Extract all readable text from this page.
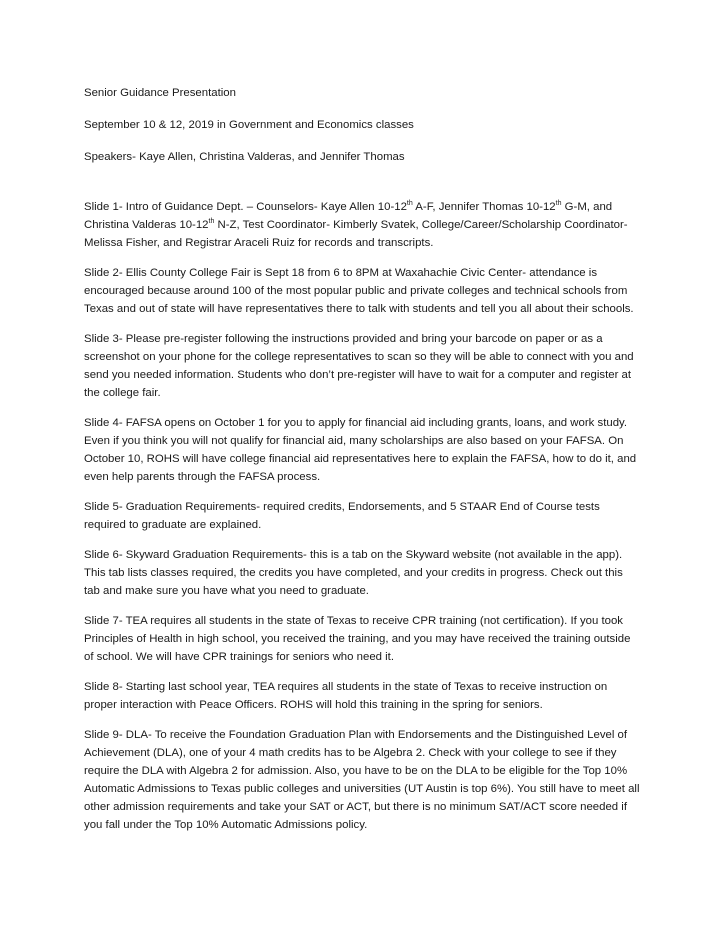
Senior Guidance Presentation
September 10 & 12, 2019 in Government and Economics classes
Speakers- Kaye Allen, Christina Valderas, and Jennifer Thomas

Slide 1- Intro of Guidance Dept. – Counselors- Kaye Allen 10-12th A-F, Jennifer Thomas 10-12th G-M, and Christina Valderas 10-12th N-Z, Test Coordinator- Kimberly Svatek, College/Career/Scholarship Coordinator- Melissa Fisher, and Registrar Araceli Ruiz for records and transcripts.

Slide 2- Ellis County College Fair is Sept 18 from 6 to 8PM at Waxahachie Civic Center- attendance is encouraged because around 100 of the most popular public and private colleges and technical schools from Texas and out of state will have representatives there to talk with students and tell you all about their schools.

Slide 3- Please pre-register following the instructions provided and bring your barcode on paper or as a screenshot on your phone for the college representatives to scan so they will be able to connect with you and send you needed information. Students who don’t pre-register will have to wait for a computer and register at the college fair.

Slide 4- FAFSA opens on October 1 for you to apply for financial aid including grants, loans, and work study. Even if you think you will not qualify for financial aid, many scholarships are also based on your FAFSA. On October 10, ROHS will have college financial aid representatives here to explain the FAFSA, how to do it, and even help parents through the FAFSA process.

Slide 5- Graduation Requirements- required credits, Endorsements, and 5 STAAR End of Course tests required to graduate are explained.

Slide 6- Skyward Graduation Requirements- this is a tab on the Skyward website (not available in the app). This tab lists classes required, the credits you have completed, and your credits in progress. Check out this tab and make sure you have what you need to graduate.

Slide 7- TEA requires all students in the state of Texas to receive CPR training (not certification). If you took Principles of Health in high school, you received the training, and you may have received the training outside of school. We will have CPR trainings for seniors who need it.

Slide 8- Starting last school year, TEA requires all students in the state of Texas to receive instruction on proper interaction with Peace Officers. ROHS will hold this training in the spring for seniors.

Slide 9- DLA- To receive the Foundation Graduation Plan with Endorsements and the Distinguished Level of Achievement (DLA), one of your 4 math credits has to be Algebra 2. Check with your college to see if they require the DLA with Algebra 2 for admission. Also, you have to be on the DLA to be eligible for the Top 10% Automatic Admissions to Texas public colleges and universities (UT Austin is top 6%). You still have to meet all other admission requirements and take your SAT or ACT, but there is no minimum SAT/ACT score needed if you fall under the Top 10% Automatic Admissions policy.
